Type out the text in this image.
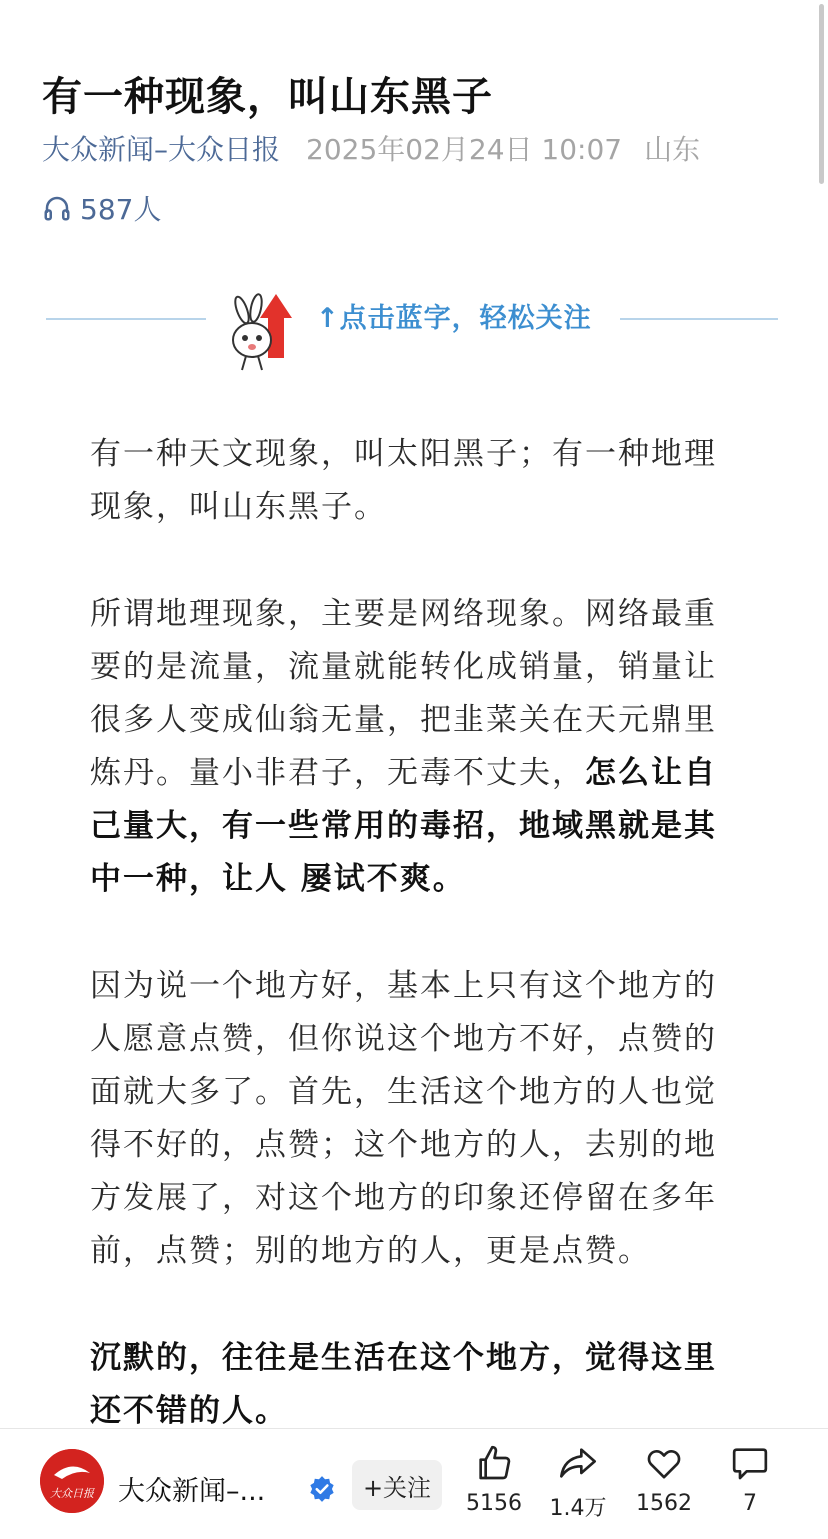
有一种现象，叫山东黑子
大众新闻–大众日报 2025年02月24日 10:07 山东
587人
↑点击蓝字，轻松关注

有一种天文现象，叫太阳黑子；有一种地理现象，叫山东黑子。

所谓地理现象，主要是网络现象。网络最重要的是流量，流量就能转化成销量，销量让很多人变成仙翁无量，把韭菜关在天元鼎里炼丹。量小非君子，无毒不丈夫，怎么让自己量大，有一些常用的毒招，地域黑就是其中一种，让人 屡试不爽。

因为说一个地方好，基本上只有这个地方的人愿意点赞，但你说这个地方不好，点赞的面就大多了。首先，生活这个地方的人也觉得不好的，点赞；这个地方的人，去别的地方发展了，对这个地方的印象还停留在多年前，点赞；别的地方的人，更是点赞。

沉默的，往往是生活在这个地方，觉得这里还不错的人。

大众日报 大众新闻–...	+关注
5156 1.4万 1562 7
